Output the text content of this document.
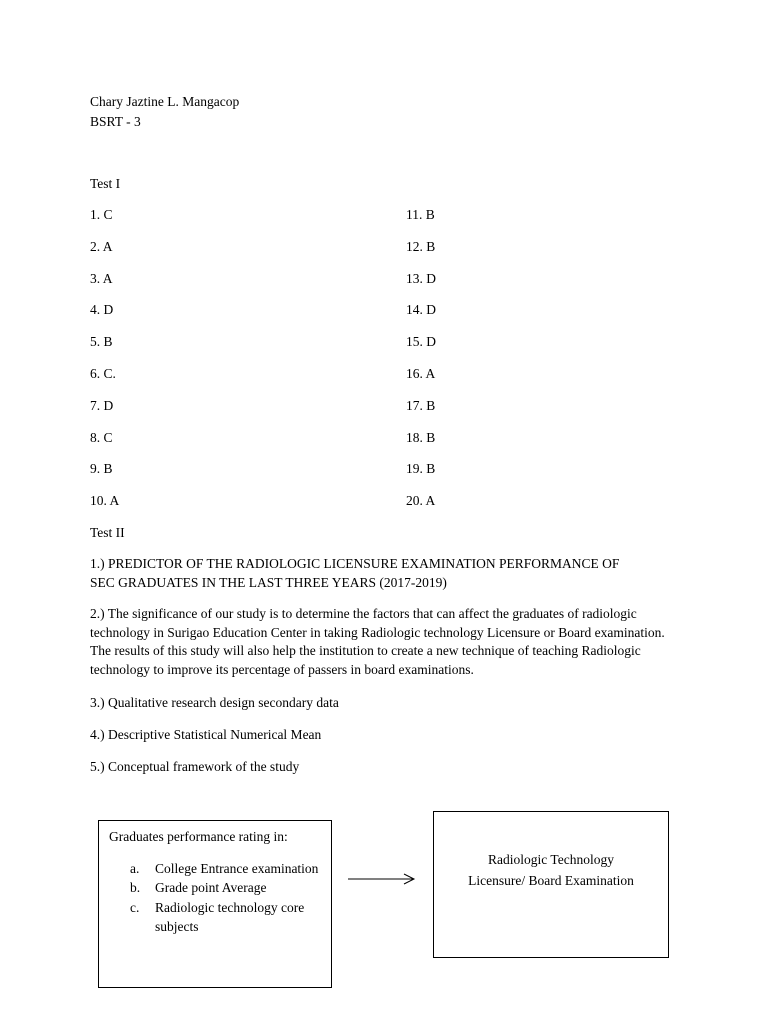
Chary Jaztine L. Mangacop
BSRT - 3
Test I
1. C	11. B
2. A	12. B
3. A	13. D
4. D	14. D
5. B	15. D
6. C.	16. A
7. D	17. B
8. C	18. B
9. B	19. B
10. A	20. A
Test II
1.) PREDICTOR OF THE RADIOLOGIC LICENSURE EXAMINATION PERFORMANCE OF
SEC GRADUATES IN THE LAST THREE YEARS (2017-2019)
2.) The significance of our study is to determine the factors that can affect the graduates of radiologic technology in Surigao Education Center in taking Radiologic technology Licensure or Board examination. The results of this study will also help the institution to create a new technique of teaching Radiologic technology to improve its percentage of passers in board examinations.
3.) Qualitative research design secondary data
4.) Descriptive Statistical Numerical Mean
5.) Conceptual framework of the study
Graduates performance rating in:
a. College Entrance examination
b. Grade point Average
c. Radiologic technology core subjects
Radiologic Technology
Licensure/ Board Examination
